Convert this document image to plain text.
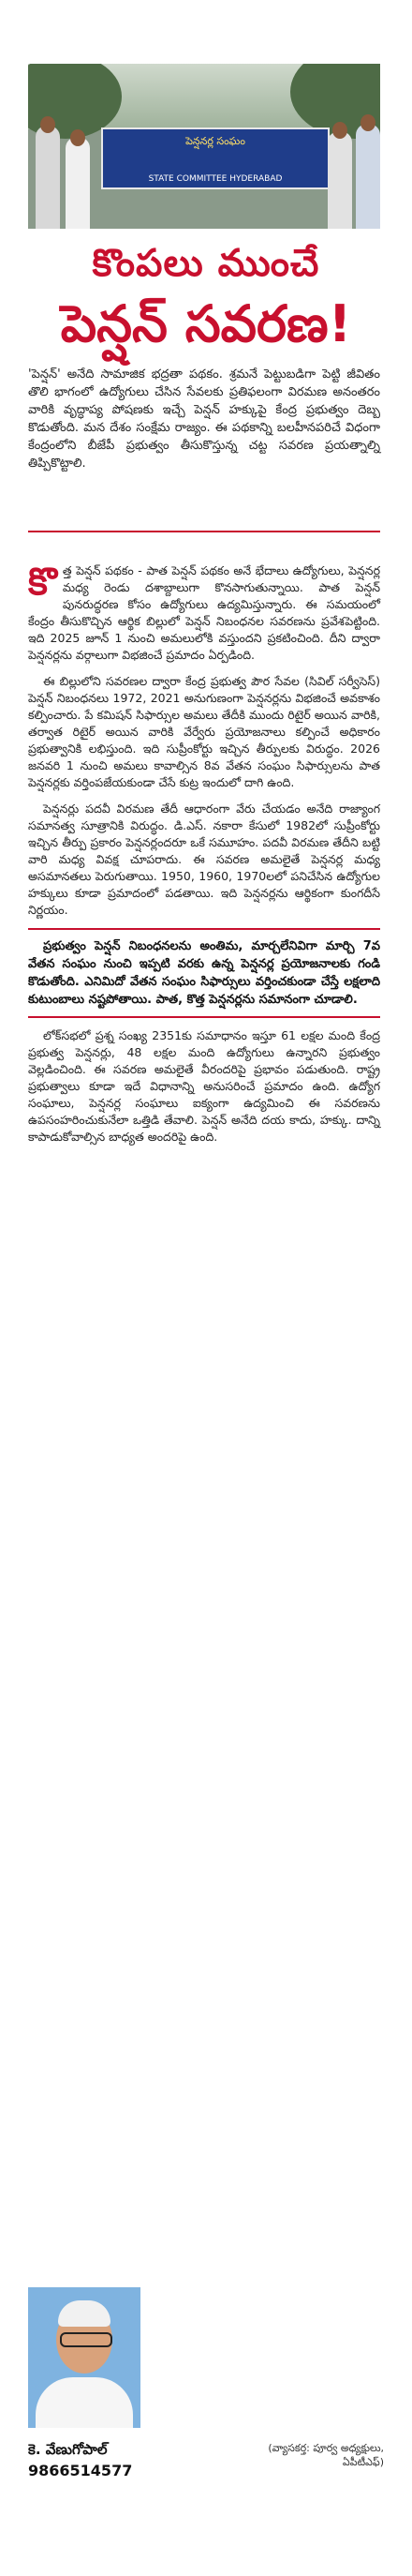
పెన్షనర్ల సంఘం
STATE COMMITTEE HYDERABAD
కొంపలు ముంచే
పెన్షన్ సవరణ!
'పెన్షన్' అనేది సామాజిక భద్రతా పథకం. శ్రమనే పెట్టుబడిగా పెట్టి జీవితం తొలి భాగంలో ఉద్యోగులు చేసిన సేవలకు ప్రతిఫలంగా విరమణ అనంతరం వారికి వృద్ధాప్య పోషణకు ఇచ్చే పెన్షన్ హక్కుపై కేంద్ర ప్రభుత్వం దెబ్బ కొడుతోంది. మన దేశం సంక్షేమ రాజ్యం. ఈ పథకాన్ని బలహీనపరిచే విధంగా కేంద్రంలోని బీజేపీ ప్రభుత్వం తీసుకొస్తున్న చట్ట సవరణ ప్రయత్నాల్ని తిప్పికొట్టాలి.

కొత్త పెన్షన్ పథకం - పాత పెన్షన్ పథకం అనే భేదాలు ఉద్యోగులు, పెన్షనర్ల మధ్య రెండు దశాబ్దాలుగా కొనసాగుతున్నాయి. పాత పెన్షన్ పునరుద్ధరణ కోసం ఉద్యోగులు ఉద్యమిస్తున్నారు. ఈ సమయంలో కేంద్రం తీసుకొచ్చిన ఆర్థిక బిల్లులో పెన్షన్ నిబంధనల సవరణను ప్రవేశపెట్టింది. ఇది 2025 జూన్ 1 నుంచి అమలులోకి వస్తుందని ప్రకటించింది. దీని ద్వారా పెన్షనర్లను వర్గాలుగా విభజించే ప్రమాదం ఏర్పడింది.

ఈ బిల్లులోని సవరణల ద్వారా కేంద్ర ప్రభుత్వ పౌర సేవల (సివిల్ సర్వీసెస్) పెన్షన్ నిబంధనలు 1972, 2021 అనుగుణంగా పెన్షనర్లను విభజించే అవకాశం కల్పించారు. పే కమిషన్ సిఫార్సుల అమలు తేదీకి ముందు రిటైర్ అయిన వారికి, తర్వాత రిటైర్ అయిన వారికి వేర్వేరు ప్రయోజనాలు కల్పించే అధికారం ప్రభుత్వానికి లభిస్తుంది. ఇది సుప్రీంకోర్టు ఇచ్చిన తీర్పులకు విరుద్ధం. 2026 జనవరి 1 నుంచి అమలు కావాల్సిన 8వ వేతన సంఘం సిఫార్సులను పాత పెన్షనర్లకు వర్తింపజేయకుండా చేసే కుట్ర ఇందులో దాగి ఉంది.

పెన్షనర్లు పదవీ విరమణ తేదీ ఆధారంగా వేరు చేయడం అనేది రాజ్యాంగ సమానత్వ సూత్రానికి విరుద్ధం. డి.ఎస్. నకారా కేసులో 1982లో సుప్రీంకోర్టు ఇచ్చిన తీర్పు ప్రకారం పెన్షనర్లందరూ ఒకే సమూహం. పదవీ విరమణ తేదీని బట్టి వారి మధ్య వివక్ష చూపరాదు. ఈ సవరణ అమలైతే పెన్షనర్ల మధ్య అసమానతలు పెరుగుతాయి. 1950, 1960, 1970లలో పనిచేసిన ఉద్యోగుల హక్కులు కూడా ప్రమాదంలో పడతాయి. ఇది పెన్షనర్లను ఆర్థికంగా కుంగదీసే నిర్ణయం.

ప్రభుత్వం పెన్షన్ నిబంధనలను అంతిమ, మార్చలేనివిగా మార్చి 7వ వేతన సంఘం నుంచి ఇప్పటి వరకు ఉన్న పెన్షనర్ల ప్రయోజనాలకు గండి కొడుతోంది. ఎనిమిదో వేతన సంఘం సిఫార్సులు వర్తించకుండా చేస్తే లక్షలాది కుటుంబాలు నష్టపోతాయి. పాత, కొత్త పెన్షనర్లను సమానంగా చూడాలి.

లోక్‌సభలో ప్రశ్న సంఖ్య 2351కు సమాధానం ఇస్తూ 61 లక్షల మంది కేంద్ర ప్రభుత్వ పెన్షనర్లు, 48 లక్షల మంది ఉద్యోగులు ఉన్నారని ప్రభుత్వం వెల్లడించింది. ఈ సవరణ అమలైతే వీరందరిపై ప్రభావం పడుతుంది. రాష్ట్ర ప్రభుత్వాలు కూడా ఇదే విధానాన్ని అనుసరించే ప్రమాదం ఉంది. ఉద్యోగ సంఘాలు, పెన్షనర్ల సంఘాలు ఐక్యంగా ఉద్యమించి ఈ సవరణను ఉపసంహరించుకునేలా ఒత్తిడి తేవాలి. పెన్షన్ అనేది దయ కాదు, హక్కు. దాన్ని కాపాడుకోవాల్సిన బాధ్యత అందరిపై ఉంది.

కె. వేణుగోపాల్
9866514577
(వ్యాసకర్త: పూర్వ అధ్యక్షులు, ఏపీటీఎఫ్)
